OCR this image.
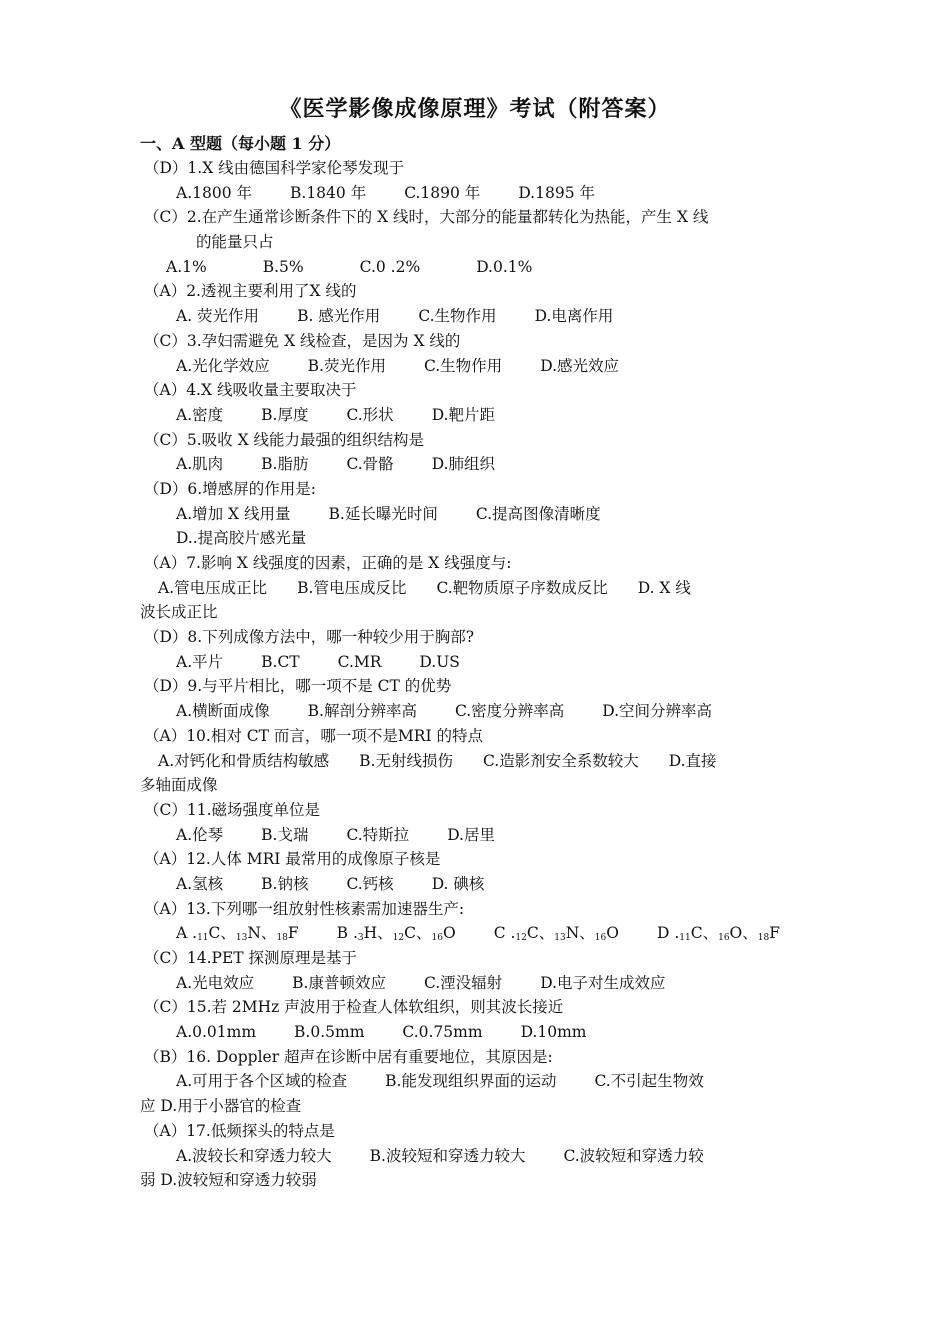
《医学影像成像原理》考试（附答案）
一、A 型题（每小题 1 分）
（D）1.X 线由德国科学家伦琴发现于
A.1800 年 B.1840 年 C.1890 年 D.1895 年
（C）2.在产生通常诊断条件下的 X 线时，大部分的能量都转化为热能，产生 X 线
的能量只占
A.1%	B.5%	C.0 .2%	D.0.1%
（A）2.透视主要利用了X 线的
A. 荧光作用 B. 感光作用 C.生物作用 D.电离作用
（C）3.孕妇需避免 X 线检查，是因为 X 线的
A.光化学效应 B.荧光作用 C.生物作用 D.感光效应
（A）4.X 线吸收量主要取决于
A.密度 B.厚度 C.形状 D.靶片距
（C）5.吸收 X 线能力最强的组织结构是
A.肌肉 B.脂肪 C.骨骼 D.肺组织
（D）6.增感屏的作用是:
A.增加 X 线用量 B.延长曝光时间 C.提高图像清晰度
D..提高胶片感光量
（A）7.影响 X 线强度的因素，正确的是 X 线强度与:
A.管电压成正比 B.管电压成反比 C.靶物质原子序数成反比 D. X 线
波长成正比
（D）8.下列成像方法中，哪一种较少用于胸部?
A.平片 B.CT C.MR D.US
（D）9.与平片相比，哪一项不是 CT 的优势
A.横断面成像 B.解剖分辨率高 C.密度分辨率高 D.空间分辨率高
（A）10.相对 CT 而言，哪一项不是MRI 的特点
A.对钙化和骨质结构敏感 B.无射线损伤 C.造影剂安全系数较大 D.直接
多轴面成像
（C）11.磁场强度单位是
A.伦琴 B.戈瑞 C.特斯拉 D.居里
（A）12.人体 MRI 最常用的成像原子核是
A.氢核 B.钠核 C.钙核 D. 碘核
（A）13.下列哪一组放射性核素需加速器生产:
A $._{11}C$、$_{13}$N、$_{18}$F B $._3H$、$_{12}$C、$_{16}$O C $._{12}C$、$_{13}$N、$_{16}$O D $._{11}C$、$_{16}$O、$_{18}$F
（C）14.PET 探测原理是基于
A.光电效应 B.康普顿效应 C.湮没辐射 D.电子对生成效应
（C）15.若 2MHz 声波用于检查人体软组织，则其波长接近
A.0.01mm B.0.5mm C.0.75mm D.10mm
（B）16. Doppler 超声在诊断中居有重要地位，其原因是:
A.可用于各个区域的检查 B.能发现组织界面的运动 C.不引起生物效
应 D.用于小器官的检查
（A）17.低频探头的特点是
A.波较长和穿透力较大 B.波较短和穿透力较大 C.波较短和穿透力较
弱 D.波较短和穿透力较弱
